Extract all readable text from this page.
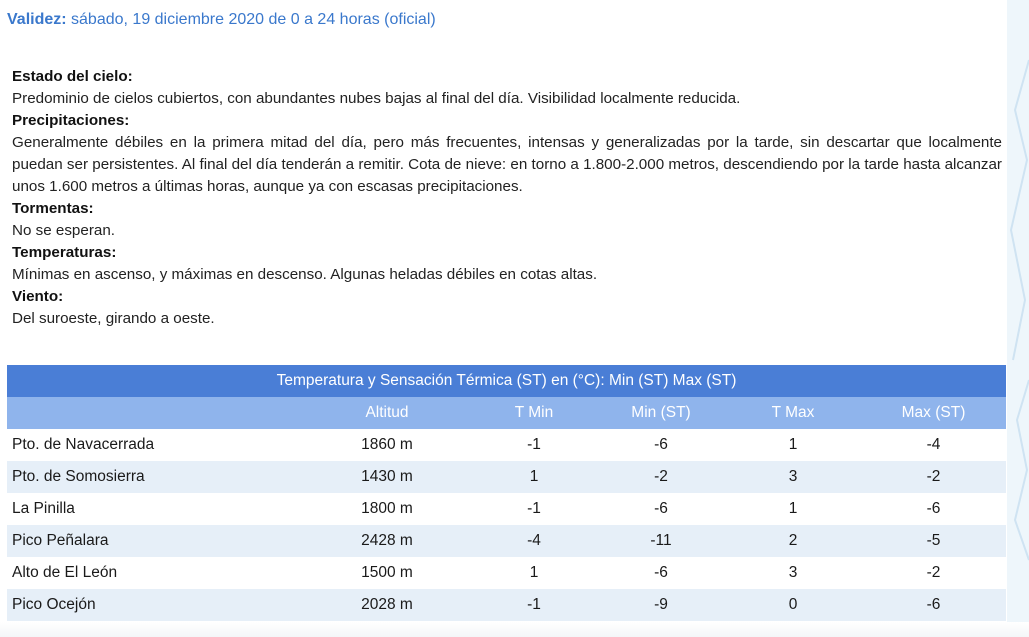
Validez: sábado, 19 diciembre 2020 de 0 a 24 horas (oficial)
Estado del cielo:
Predominio de cielos cubiertos, con abundantes nubes bajas al final del día. Visibilidad localmente reducida.
Precipitaciones:
Generalmente débiles en la primera mitad del día, pero más frecuentes, intensas y generalizadas por la tarde, sin descartar que localmente puedan ser persistentes. Al final del día tenderán a remitir. Cota de nieve: en torno a 1.800-2.000 metros, descendiendo por la tarde hasta alcanzar unos 1.600 metros a últimas horas, aunque ya con escasas precipitaciones.
Tormentas:
No se esperan.
Temperaturas:
Mínimas en ascenso, y máximas en descenso. Algunas heladas débiles en cotas altas.
Viento:
Del suroeste, girando a oeste.
Temperatura y Sensación Térmica (ST) en (°C): Min (ST) Max (ST)
	Altitud	T Min	Min (ST)	T Max	Max (ST)
Pto. de Navacerrada	1860 m	-1	-6	1	-4
Pto. de Somosierra	1430 m	1	-2	3	-2
La Pinilla	1800 m	-1	-6	1	-6
Pico Peñalara	2428 m	-4	-11	2	-5
Alto de El León	1500 m	1	-6	3	-2
Pico Ocejón	2028 m	-1	-9	0	-6
